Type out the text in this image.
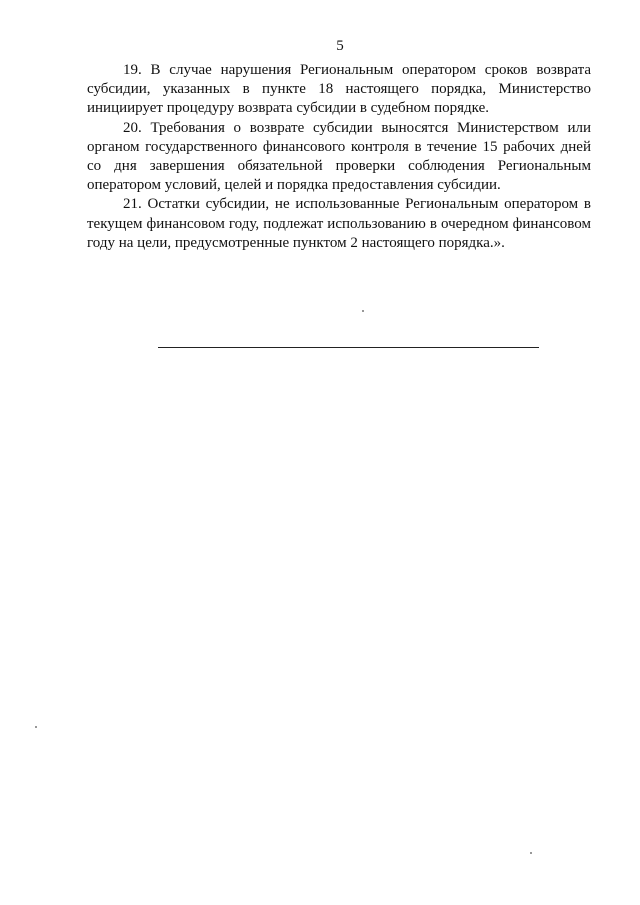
5

19. В случае нарушения Региональным оператором сроков возврата субсидии, указанных в пункте 18 настоящего порядка, Министерство инициирует процедуру возврата субсидии в судебном порядке.

20. Требования о возврате субсидии выносятся Министерством или органом государственного финансового контроля в течение 15 рабочих дней со дня завершения обязательной проверки соблюдения Региональным оператором условий, целей и порядка предоставления субсидии.

21. Остатки субсидии, не использованные Региональным оператором в текущем финансовом году, подлежат использованию в очередном финансовом году на цели, предусмотренные пунктом 2 настоящего порядка.».
